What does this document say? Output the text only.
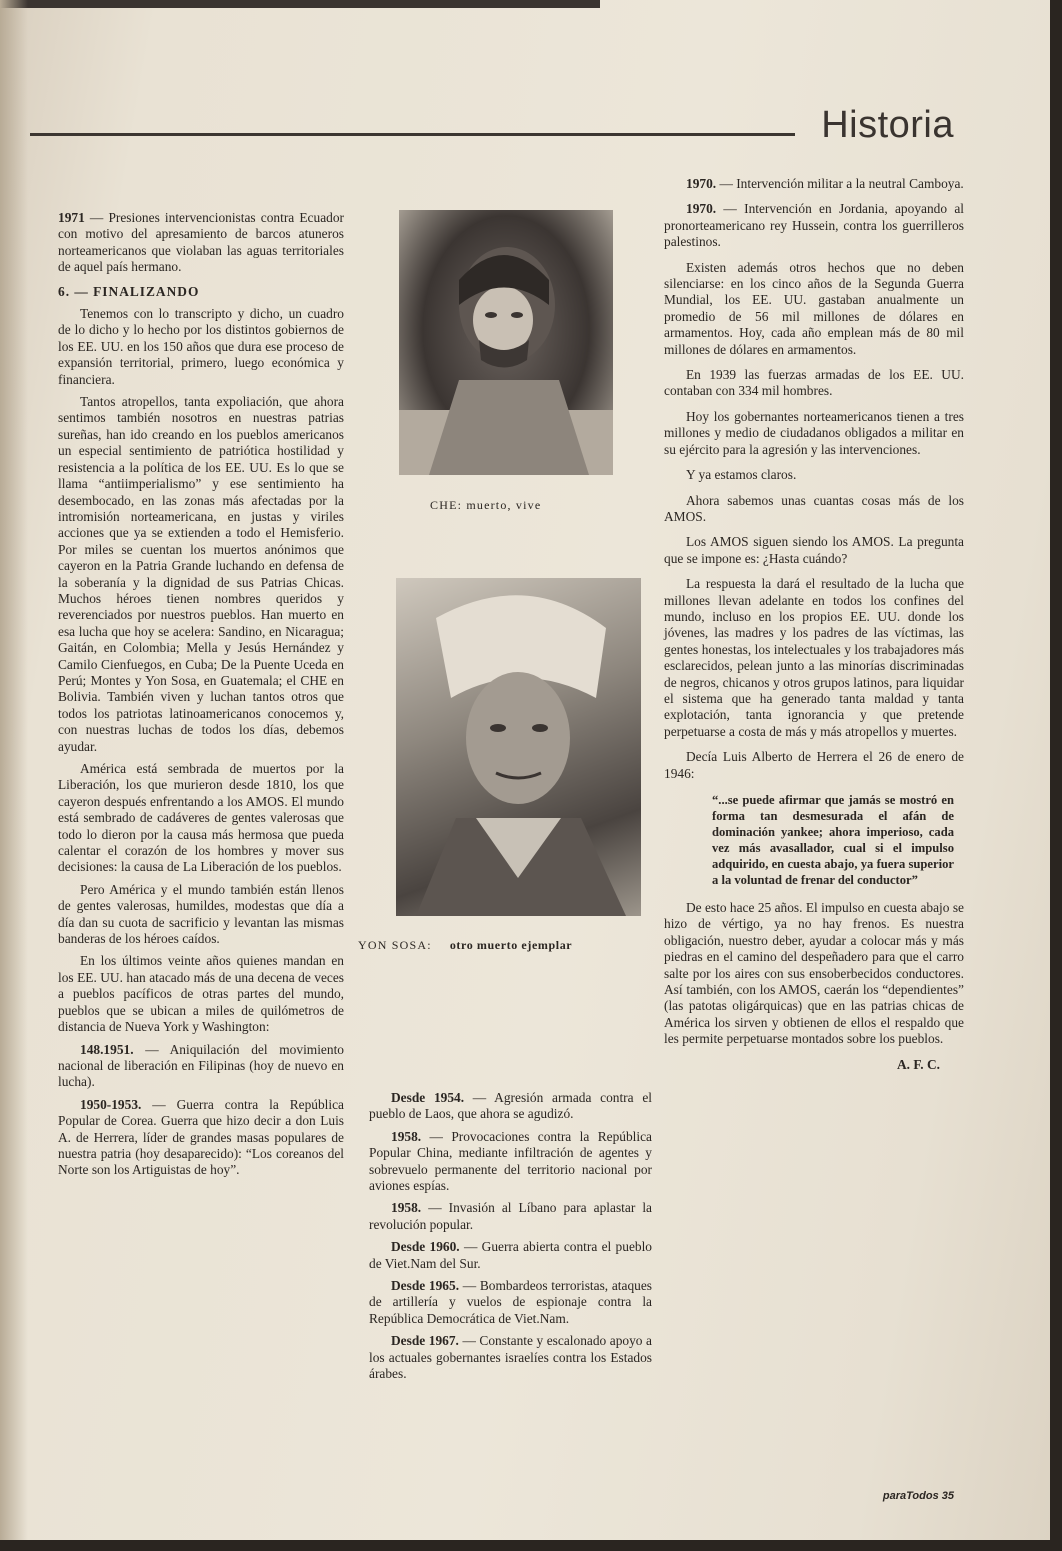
Historia

1971 — Presiones intervencionistas contra Ecuador con motivo del apresamiento de barcos atuneros norteamericanos que violaban las aguas territoriales de aquel país hermano.

6. — FINALIZANDO

Tenemos con lo transcripto y dicho, un cuadro de lo dicho y lo hecho por los distintos gobiernos de los EE. UU. en los 150 años que dura ese proceso de expansión territorial, primero, luego económica y financiera.

Tantos atropellos, tanta expoliación, que ahora sentimos también nosotros en nuestras patrias sureñas, han ido creando en los pueblos americanos un especial sentimiento de patriótica hostilidad y resistencia a la política de los EE. UU. Es lo que se llama “antiimperialismo” y ese sentimiento ha desembocado, en las zonas más afectadas por la intromisión norteamericana, en justas y viriles acciones que ya se extienden a todo el Hemisferio. Por miles se cuentan los muertos anónimos que cayeron en la Patria Grande luchando en defensa de la soberanía y la dignidad de sus Patrias Chicas. Muchos héroes tienen nombres queridos y reverenciados por nuestros pueblos. Han muerto en esa lucha que hoy se acelera: Sandino, en Nicaragua; Gaitán, en Colombia; Mella y Jesús Hernández y Camilo Cienfuegos, en Cuba; De la Puente Uceda en Perú; Montes y Yon Sosa, en Guatemala; el CHE en Bolivia. También viven y luchan tantos otros que todos los patriotas latinoamericanos conocemos y, con nuestras luchas de todos los días, debemos ayudar.

América está sembrada de muertos por la Liberación, los que murieron desde 1810, los que cayeron después enfrentando a los AMOS. El mundo está sembrado de cadáveres de gentes valerosas que todo lo dieron por la causa más hermosa que pueda calentar el corazón de los hombres y mover sus decisiones: la causa de La Liberación de los pueblos.

Pero América y el mundo también están llenos de gentes valerosas, humildes, modestas que día a día dan su cuota de sacrificio y levantan las mismas banderas de los héroes caídos.

En los últimos veinte años quienes mandan en los EE. UU. han atacado más de una decena de veces a pueblos pacíficos de otras partes del mundo, pueblos que se ubican a miles de quilómetros de distancia de Nueva York y Washington:

148.1951. — Aniquilación del movimiento nacional de liberación en Filipinas (hoy de nuevo en lucha).

1950-1953. — Guerra contra la República Popular de Corea. Guerra que hizo decir a don Luis A. de Herrera, líder de grandes masas populares de nuestra patria (hoy desaparecido): “Los coreanos del Norte son los Artiguistas de hoy”.

CHE: muerto, vive
YON SOSA: otro muerto ejemplar

Desde 1954. — Agresión armada contra el pueblo de Laos, que ahora se agudizó.

1958. — Provocaciones contra la República Popular China, mediante infiltración de agentes y sobrevuelo permanente del territorio nacional por aviones espías.

1958. — Invasión al Líbano para aplastar la revolución popular.

Desde 1960. — Guerra abierta contra el pueblo de Viet.Nam del Sur.

Desde 1965. — Bombardeos terroristas, ataques de artillería y vuelos de espionaje contra la República Democrática de Viet.Nam.

Desde 1967. — Constante y escalonado apoyo a los actuales gobernantes israelíes contra los Estados árabes.

1970. — Intervención militar a la neutral Camboya.

1970. — Intervención en Jordania, apoyando al pronorteamericano rey Hussein, contra los guerrilleros palestinos.

Existen además otros hechos que no deben silenciarse: en los cinco años de la Segunda Guerra Mundial, los EE. UU. gastaban anualmente un promedio de 56 mil millones de dólares en armamentos. Hoy, cada año emplean más de 80 mil millones de dólares en armamentos.

En 1939 las fuerzas armadas de los EE. UU. contaban con 334 mil hombres.

Hoy los gobernantes norteamericanos tienen a tres millones y medio de ciudadanos obligados a militar en su ejército para la agresión y las intervenciones.

Y ya estamos claros.

Ahora sabemos unas cuantas cosas más de los AMOS.

Los AMOS siguen siendo los AMOS. La pregunta que se impone es: ¿Hasta cuándo?

La respuesta la dará el resultado de la lucha que millones llevan adelante en todos los confines del mundo, incluso en los propios EE. UU. donde los jóvenes, las madres y los padres de las víctimas, las gentes honestas, los intelectuales y los trabajadores más esclarecidos, pelean junto a las minorías discriminadas de negros, chicanos y otros grupos latinos, para liquidar el sistema que ha generado tanta maldad y tanta explotación, tanta ignorancia y que pretende perpetuarse a costa de más y más atropellos y muertes.

Decía Luis Alberto de Herrera el 26 de enero de 1946:

“...se puede afirmar que jamás se mostró en forma tan desmesurada el afán de dominación yankee; ahora imperioso, cada vez más avasallador, cual si el impulso adquirido, en cuesta abajo, ya fuera superior a la voluntad de frenar del conductor”

De esto hace 25 años. El impulso en cuesta abajo se hizo de vértigo, ya no hay frenos. Es nuestra obligación, nuestro deber, ayudar a colocar más y más piedras en el camino del despeñadero para que el carro salte por los aires con sus ensoberbecidos conductores. Así también, con los AMOS, caerán los “dependientes” (las patotas oligárquicas) que en las patrias chicas de América los sirven y obtienen de ellos el respaldo que les permite perpetuarse montados sobre los pueblos.

A. F. C.

paraTodos 35
